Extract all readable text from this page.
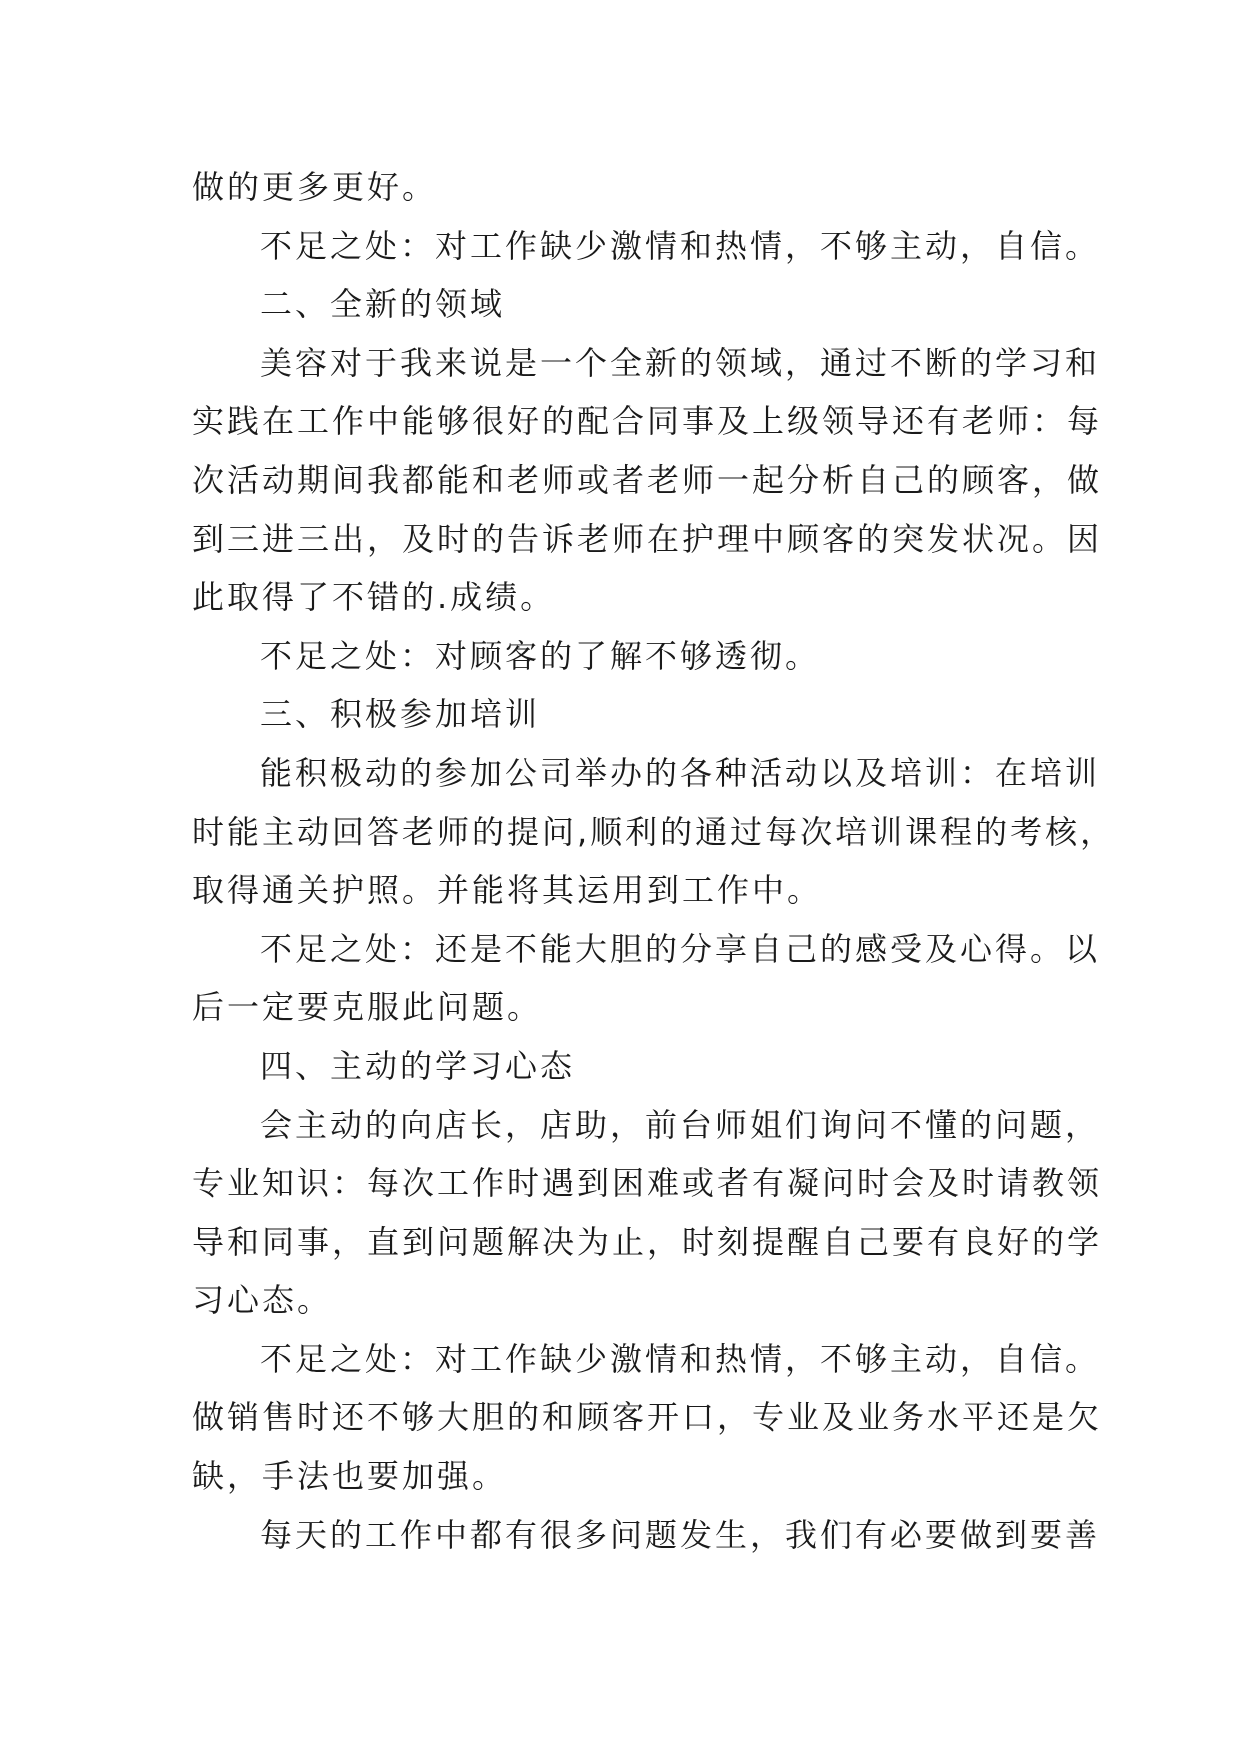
做的更多更好。
不足之处：对工作缺少激情和热情，不够主动，自信。
二、全新的领域
美容对于我来说是一个全新的领域，通过不断的学习和
实践在工作中能够很好的配合同事及上级领导还有老师：每
次活动期间我都能和老师或者老师一起分析自己的顾客，做
到三进三出，及时的告诉老师在护理中顾客的突发状况。因
此取得了不错的.成绩。
不足之处：对顾客的了解不够透彻。
三、积极参加培训
能积极动的参加公司举办的各种活动以及培训：在培训
时能主动回答老师的提问,顺利的通过每次培训课程的考核，
取得通关护照。并能将其运用到工作中。
不足之处：还是不能大胆的分享自己的感受及心得。以
后一定要克服此问题。
四、主动的学习心态
会主动的向店长，店助，前台师姐们询问不懂的问题，
专业知识：每次工作时遇到困难或者有凝问时会及时请教领
导和同事，直到问题解决为止，时刻提醒自己要有良好的学
习心态。
不足之处：对工作缺少激情和热情，不够主动，自信。
做销售时还不够大胆的和顾客开口，专业及业务水平还是欠
缺，手法也要加强。
每天的工作中都有很多问题发生，我们有必要做到要善
